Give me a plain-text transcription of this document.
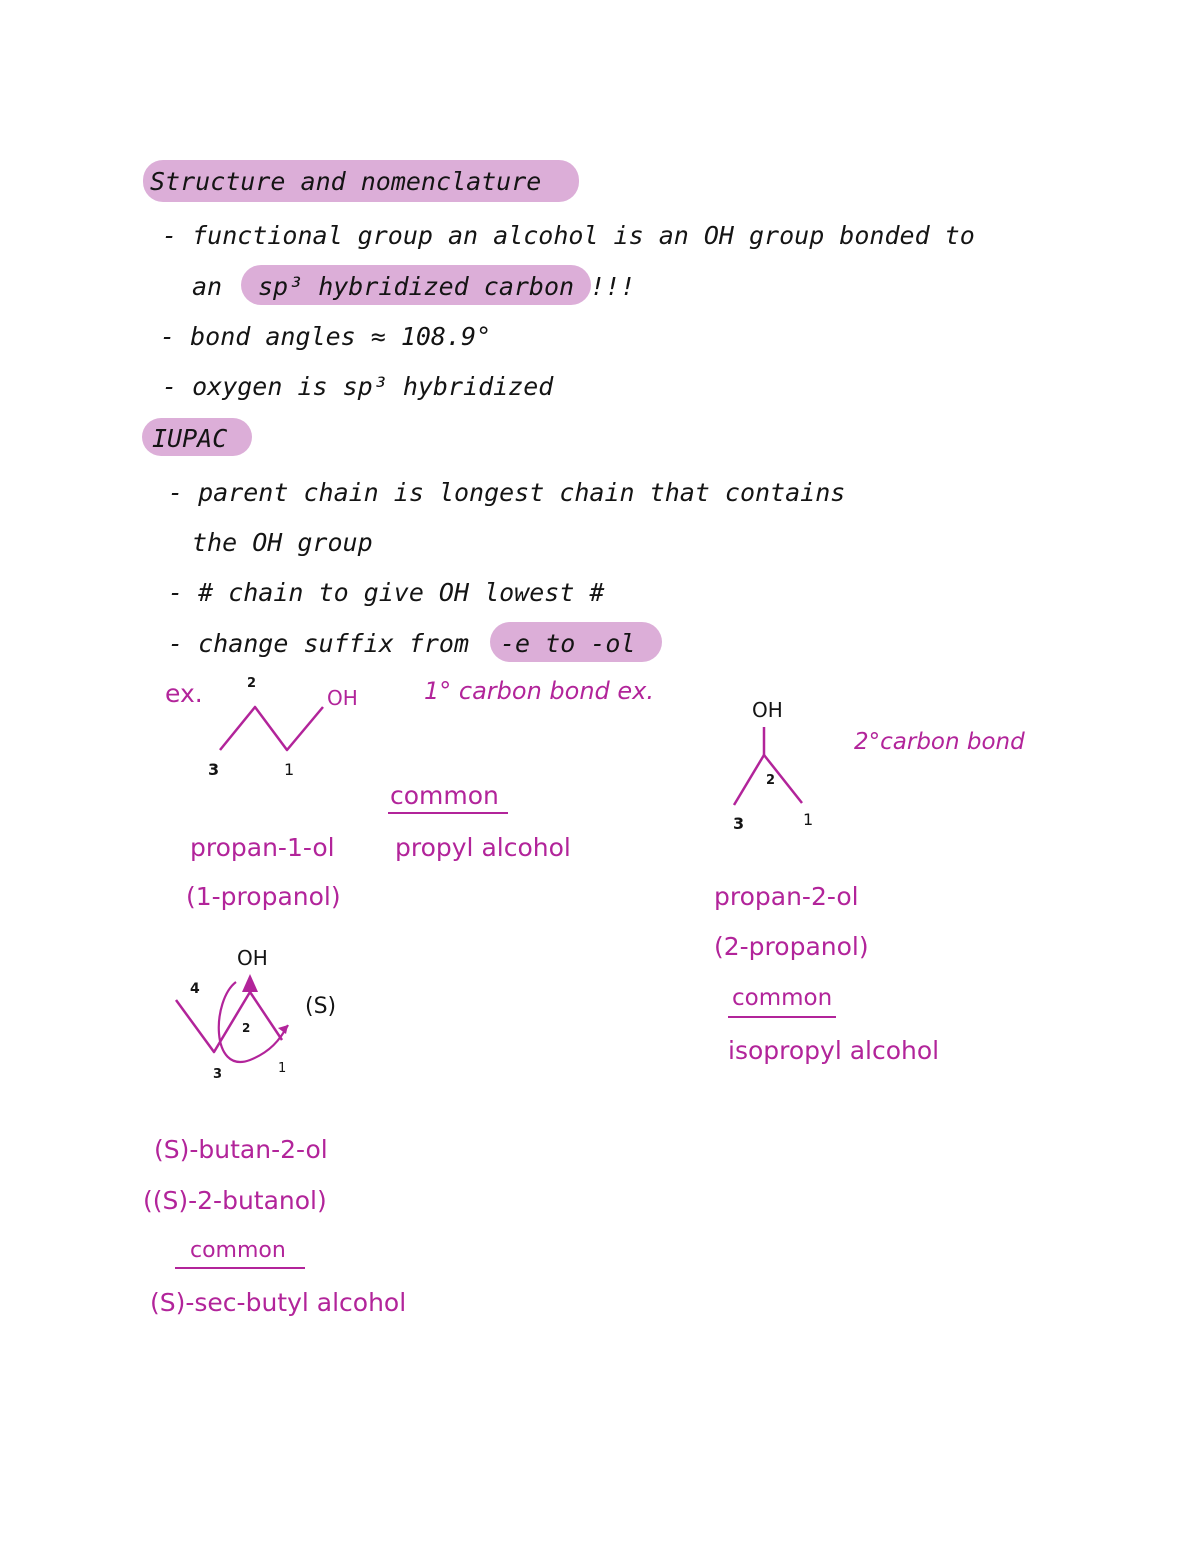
Structure and nomenclature
- functional group an alcohol is an OH group bonded to
an sp³ hybridized carbon !!!
- bond angles ≈ 108.9°
- oxygen is sp³ hybridized
IUPAC
- parent chain is longest chain that contains
the OH group
- # chain to give OH lowest #
- change suffix from -e to -ol
ex.	2
OH
3	1
1° carbon bond ex.
common
propan-1-ol propyl alcohol
(1-propanol)
OH
2
3	1
2°carbon bond
propan-2-ol
(2-propanol)
common
isopropyl alcohol
OH
4
2
3	1
(S)
(S)-butan-2-ol
((S)-2-butanol)
common
(S)-sec-butyl alcohol
